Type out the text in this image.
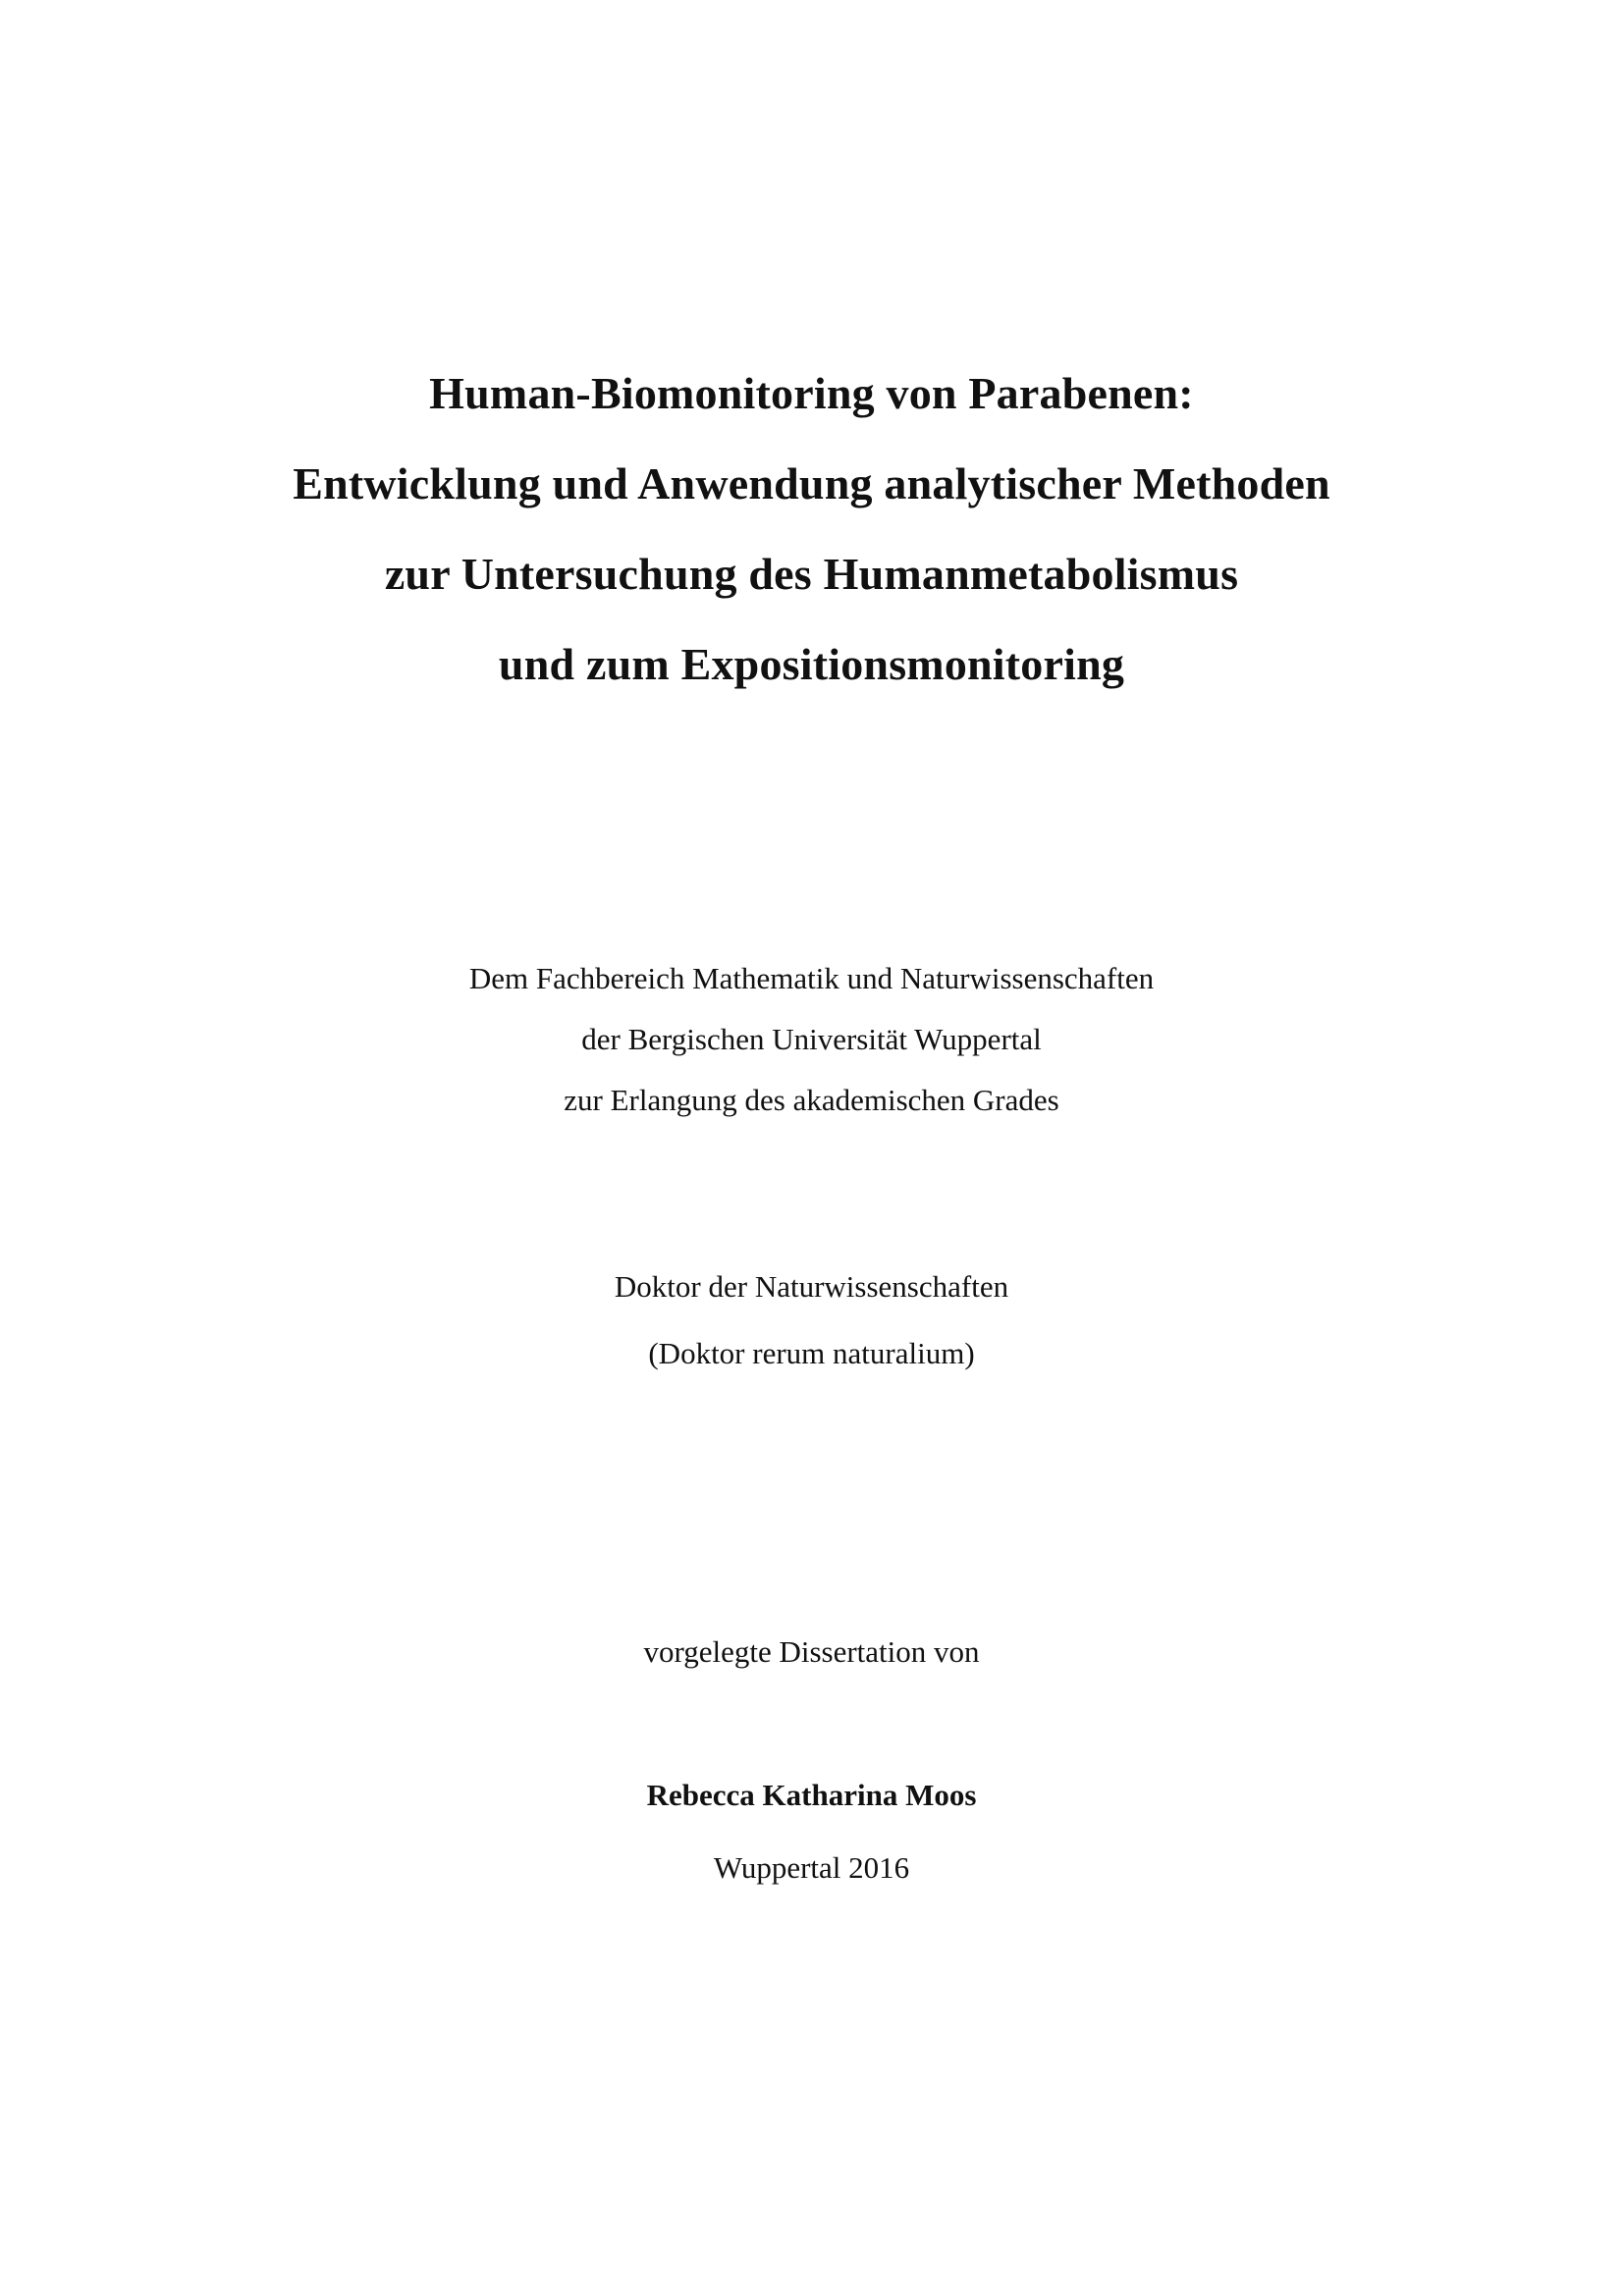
Human-Biomonitoring von Parabenen:
Entwicklung und Anwendung analytischer Methoden
zur Untersuchung des Humanmetabolismus
und zum Expositionsmonitoring
Dem Fachbereich Mathematik und Naturwissenschaften
der Bergischen Universität Wuppertal
zur Erlangung des akademischen Grades
Doktor der Naturwissenschaften
(Doktor rerum naturalium)
vorgelegte Dissertation von
Rebecca Katharina Moos
Wuppertal 2016
